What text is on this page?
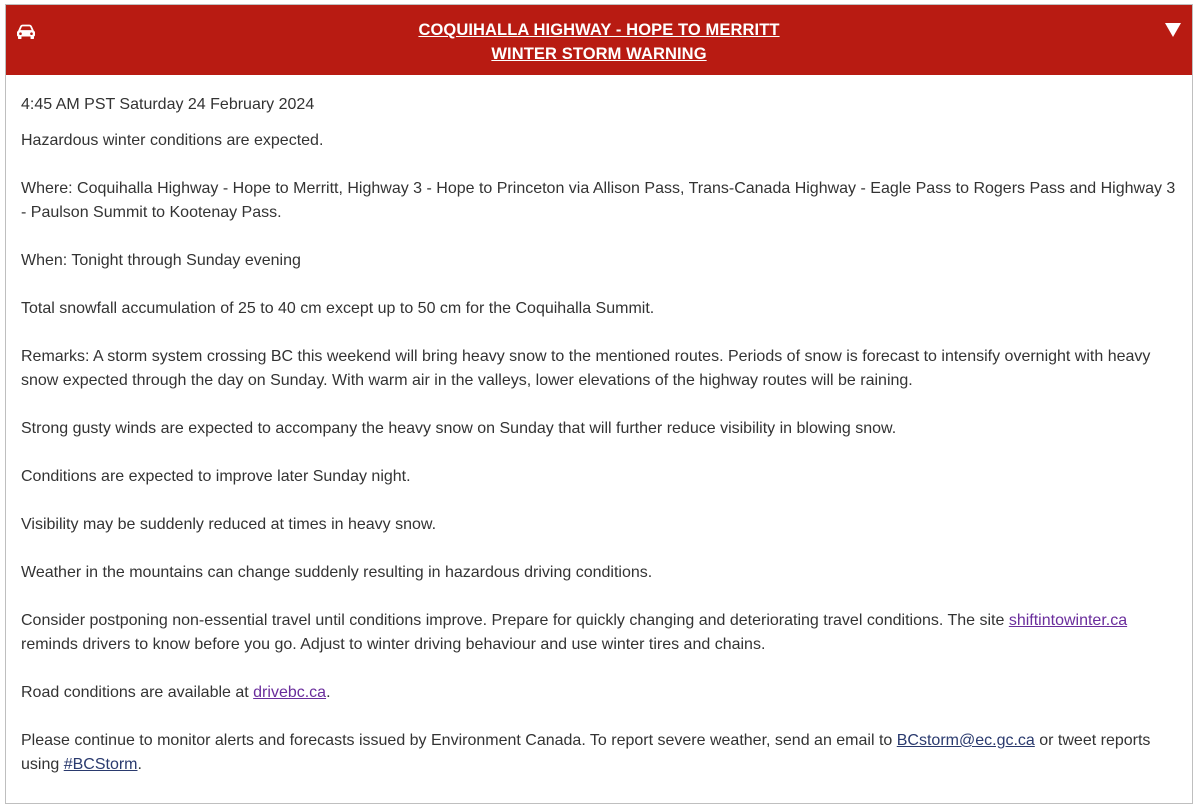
COQUIHALLA HIGHWAY - HOPE TO MERRITT
WINTER STORM WARNING

4:45 AM PST Saturday 24 February 2024

Hazardous winter conditions are expected.

Where: Coquihalla Highway - Hope to Merritt, Highway 3 - Hope to Princeton via Allison Pass, Trans-Canada Highway - Eagle Pass to Rogers Pass and Highway 3 - Paulson Summit to Kootenay Pass.

When: Tonight through Sunday evening

Total snowfall accumulation of 25 to 40 cm except up to 50 cm for the Coquihalla Summit.

Remarks: A storm system crossing BC this weekend will bring heavy snow to the mentioned routes. Periods of snow is forecast to intensify overnight with heavy snow expected through the day on Sunday. With warm air in the valleys, lower elevations of the highway routes will be raining.

Strong gusty winds are expected to accompany the heavy snow on Sunday that will further reduce visibility in blowing snow.

Conditions are expected to improve later Sunday night.

Visibility may be suddenly reduced at times in heavy snow.

Weather in the mountains can change suddenly resulting in hazardous driving conditions.

Consider postponing non-essential travel until conditions improve. Prepare for quickly changing and deteriorating travel conditions. The site shiftintowinter.ca reminds drivers to know before you go. Adjust to winter driving behaviour and use winter tires and chains.

Road conditions are available at drivebc.ca.

Please continue to monitor alerts and forecasts issued by Environment Canada. To report severe weather, send an email to BCstorm@ec.gc.ca or tweet reports using #BCStorm.
